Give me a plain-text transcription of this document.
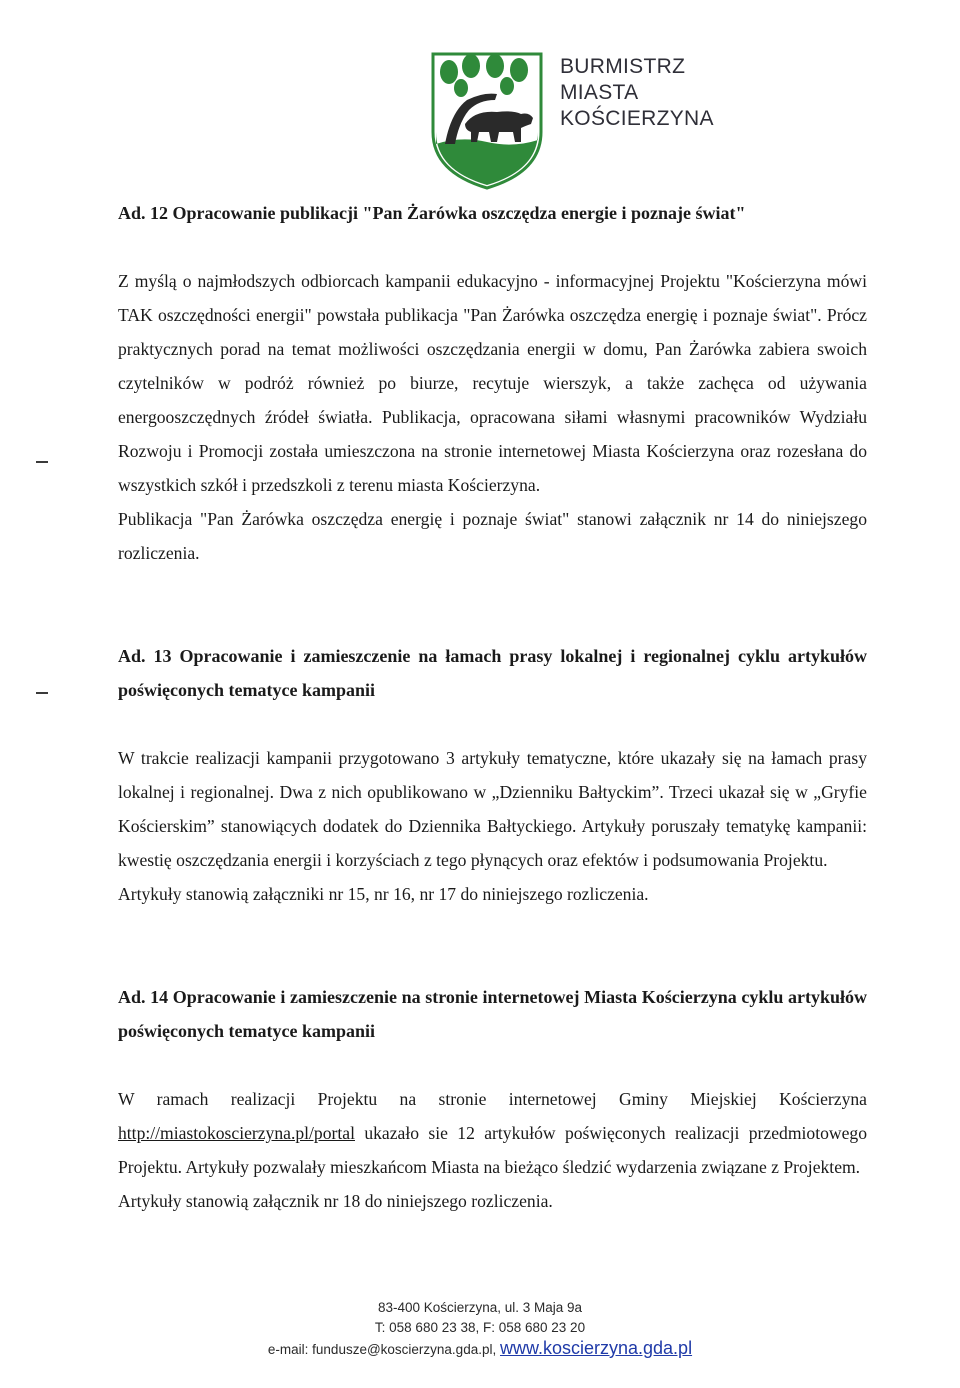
BURMISTRZ
MIASTA
KOŚCIERZYNA
Ad. 12 Opracowanie publikacji "Pan Żarówka oszczędza energie i poznaje świat"

Z myślą o najmłodszych odbiorcach kampanii edukacyjno - informacyjnej Projektu "Kościerzyna mówi TAK oszczędności energii" powstała publikacja "Pan Żarówka oszczędza energię i poznaje świat". Prócz praktycznych porad na temat możliwości oszczędzania energii w domu, Pan Żarówka zabiera swoich czytelników w podróż również po biurze, recytuje wierszyk, a także zachęca od używania energooszczędnych źródeł światła. Publikacja, opracowana siłami własnymi pracowników Wydziału Rozwoju i Promocji została umieszczona na stronie internetowej Miasta Kościerzyna oraz rozesłana do wszystkich szkół i przedszkoli z terenu miasta Kościerzyna.

Publikacja "Pan Żarówka oszczędza energię i poznaje świat" stanowi załącznik nr 14 do niniejszego rozliczenia.

Ad. 13 Opracowanie i zamieszczenie na łamach prasy lokalnej i regionalnej cyklu artykułów poświęconych tematyce kampanii

W trakcie realizacji kampanii przygotowano 3 artykuły tematyczne, które ukazały się na łamach prasy lokalnej i regionalnej. Dwa z nich opublikowano w „Dzienniku Bałtyckim”. Trzeci ukazał się w „Gryfie Kościerskim” stanowiących dodatek do Dziennika Bałtyckiego. Artykuły poruszały tematykę kampanii: kwestię oszczędzania energii i korzyściach z tego płynących oraz efektów i podsumowania Projektu.

Artykuły stanowią załączniki nr 15, nr 16, nr 17 do niniejszego rozliczenia.

Ad. 14 Opracowanie i zamieszczenie na stronie internetowej Miasta Kościerzyna cyklu artykułów poświęconych tematyce kampanii

W ramach realizacji Projektu na stronie internetowej Gminy Miejskiej Kościerzyna http://miastokoscierzyna.pl/portal ukazało sie 12 artykułów poświęconych realizacji przedmiotowego Projektu. Artykuły pozwalały mieszkańcom Miasta na bieżąco śledzić wydarzenia związane z Projektem.

Artykuły stanowią załącznik nr 18 do niniejszego rozliczenia.

83-400 Kościerzyna, ul. 3 Maja 9a
T: 058 680 23 38, F: 058 680 23 20
e-mail: fundusze@koscierzyna.gda.pl, www.koscierzyna.gda.pl
